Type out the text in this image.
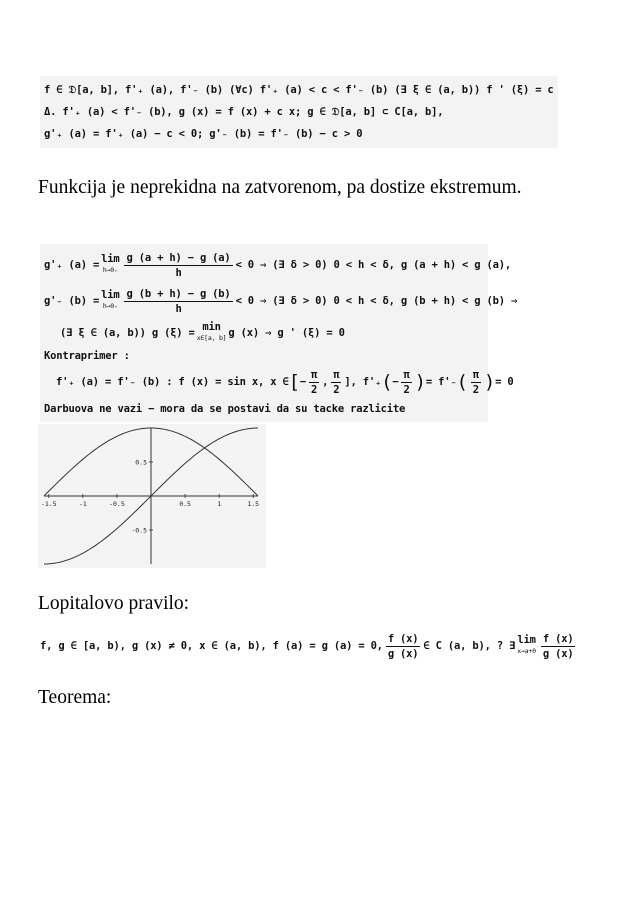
f ∈ 𝔇[a, b], f'₊ (a), f'₋ (b) (∀c) f'₊ (a) < c < f'₋ (b) (∃ ξ ∈ (a, b)) f ' (ξ) = c
Δ. f'₊ (a) < f'₋ (b), g (x) = f (x) + c x; g ∈ 𝔇[a, b] ⊂ C[a, b],
g'₊ (a) = f'₊ (a) − c < 0; g'₋ (b) = f'₋ (b) − c > 0

Funkcija je neprekidna na zatvorenom, pa dostize ekstremum.

g'₊ (a) = lim
$h\to 0_+ \frac{g (a + h) - g (a)}{h} < 0$ ⇒ (∃ δ > 0) 0 < h < δ, g (a + h) < g (a),
g'₋ (b) = lim
$h\to 0_+ \frac{g (b + h) - g (b)}{h} < 0$ ⇒ (∃ δ > 0) 0 < h < δ, g (b + h) < g (b) ⇒
(∃ ξ ∈ (a, b)) g (ξ) = min
x∈[a, b] g (x) ⇒ g ' (ξ) = 0
Kontraprimer :
f'₊ (a) = f'₋ (b) : f (x) = sin x, x ∈ [ − $\frac{\pi}{2}$ , $\frac{\pi}{2}$ ], f'₊ ( − $\frac{\pi}{2}$ ) = f'₋ ( $\frac{\pi}{2}$ ) = 0
Darbuova ne vazi − mora da se postavi da su tacke razlicite
-1.5	-1	-0.5	0.5	1	1.5
0.5
-0.5

Lopitalovo pravilo:

f, g ∈ [a, b), g (x) ≠ 0, x ∈ (a, b), f (a) = g (a) = 0, $\frac{f (x)}{g (x)}$ ∈ C (a, b), ? ∃ lim
$x\to a+0 \frac{f (x)}{g (x)}$

Teorema:
